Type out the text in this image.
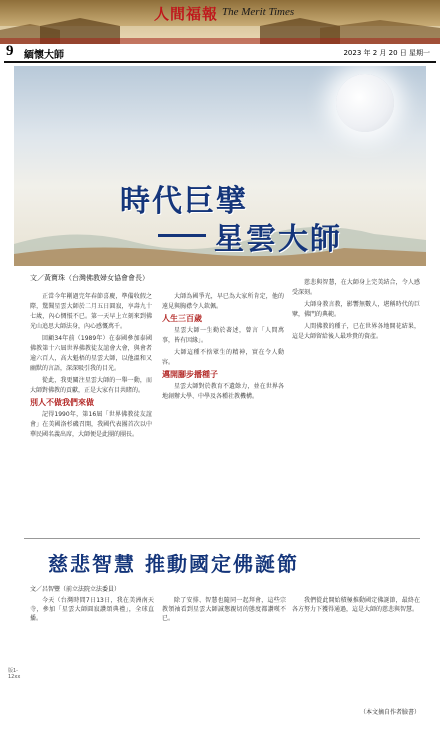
人間福報 The Merit Times
9 緬懷大師	2023 年 2 月 20 日 星期一
時代巨擘
星雲大師
文／黃寶珠（台灣佛教婦女協會會長）

正當今年剛過完年春節喜慶，準備收假之際，驚聞星雲大師於二月五日圓寂，享壽九十七歲，內心惆悵不已。第一天早上立刻來到佛光山追思大師法身，內心感慨萬千。

回顧34年前（1989年）在泰國參加泰國佛教第十六屆世界佛教徒友誼會大會，與會者逾六百人，高大魁梧的星雲大師，以他溫和又幽默的言語，深深吸引我的目光。

從此，我更關注星雲大師的一舉一動，而大師對佛教的貢獻，正是大家有目共睹的。

別人不做我們來做

記得1990年，第16屆「世界佛教徒友誼會」在美國洛杉磯召開，我國代表團首次以中華民國名義出席，大師便是此團的團長。

大師為國爭光，早已為大家所肯定，他的遠見與胸襟令人欽佩。

人生三百歲

星雲大師一生勤於著述，曾言「人間萬事，皆有因緣」。

大師這種不捨眾生的精神，實在令人動容。

邁開腳步播種子

星雲大師對於教育不遺餘力，並在世界各地創辦大學、中學及各種社教機構。

慈悲與智慧，在大師身上完美結合，令人感受深刻。

大師身教言教，影響無數人，堪稱時代的巨擘，佛門的典範。

人間佛教的種子，已在世界各地開花結果，這是大師留給後人最珍貴的資產。

慈悲智慧 推動國定佛誕節
文／呂智豐（前立法院立法委員）

今天（台灣時間7日13日，我在美洲南天寺，參加「星雲大師圓寂讚頌典禮」，全球直播。

除了安排、智慧也隨同一起拜會，這些宗教領袖看到星雲大師誠懇親切的態度都讚嘆不已。

我們從此開始積極推動國定佛誕節，最終在各方努力下獲得通過，這是大師的慈悲與智慧。

（本文摘自作者臉書）
版1-12xx
